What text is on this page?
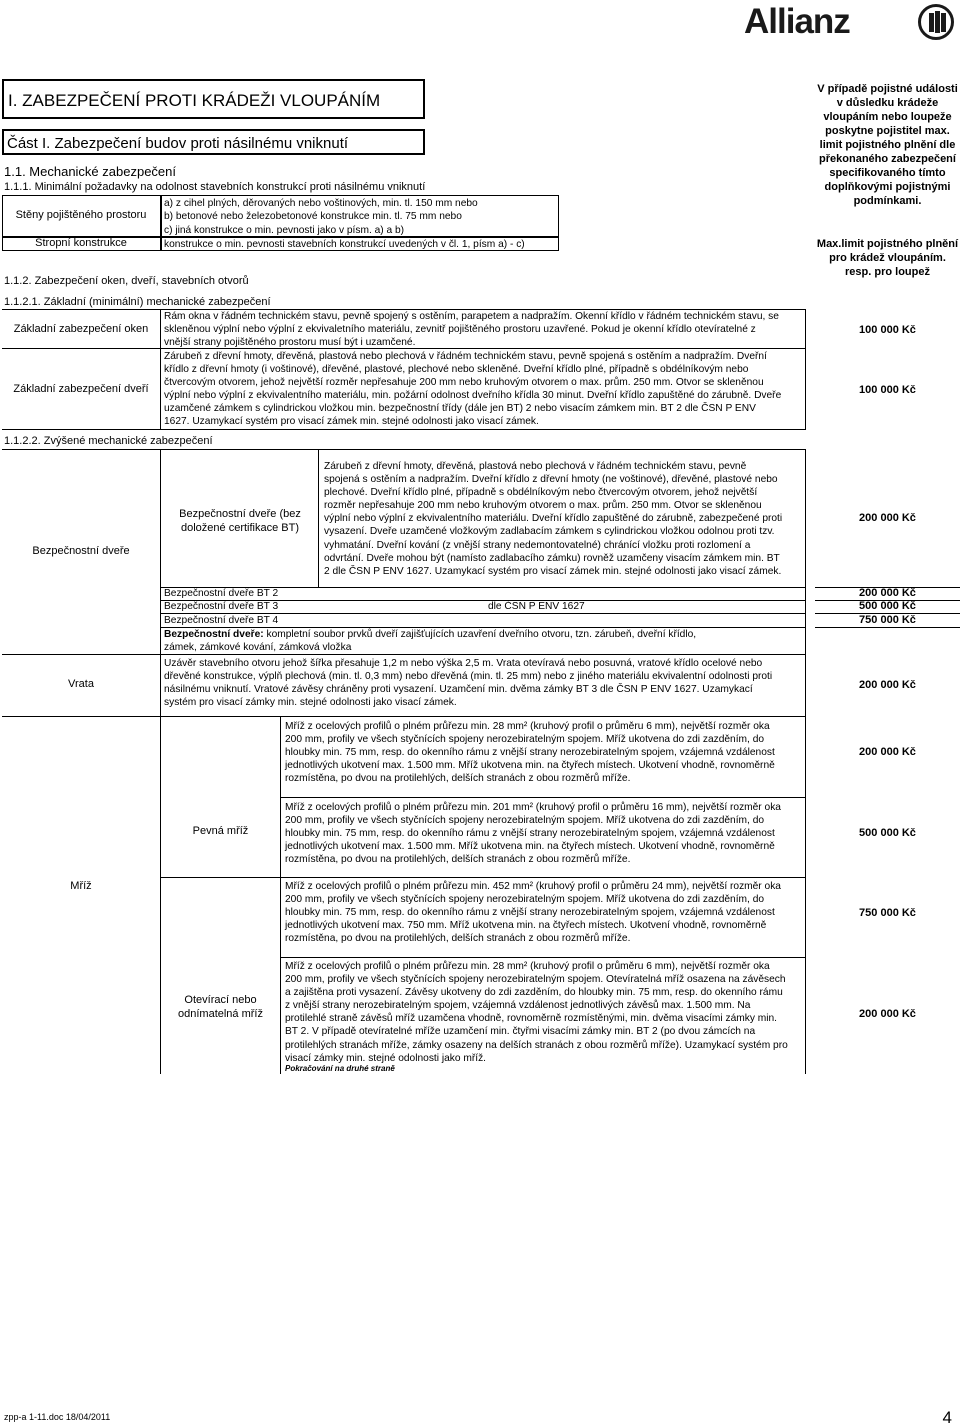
Allianz
I. ZABEZPEČENÍ PROTI KRÁDEŽI VLOUPÁNÍM
Část I. Zabezpečení budov proti násilnému vniknutí
1.1. Mechanické zabezpečení
1.1.1. Minimální požadavky na odolnost stavebních konstrukcí proti násilnému vniknutí
V případě pojistné události v důsledku krádeže vloupáním nebo loupeže poskytne pojistitel max. limit pojistného plnění dle překonaného zabezpečení specifikovaného tímto doplňkovými pojistnými podmínkami.
Max.limit pojistného plnění pro krádež vloupáním. resp. pro loupež
Stěny pojištěného prostoru
a) z cihel plných, děrovaných nebo voštinových, min. tl. 150 mm nebo
b) betonové nebo železobetonové konstrukce min. tl. 75 mm nebo
c) jiná konstrukce o min. pevnosti jako v písm. a) a b)
Stropní konstrukce	konstrukce o min. pevnosti stavebních konstrukcí uvedených v čl. 1, písm a) - c)
1.1.2. Zabezpečení oken, dveří, stavebních otvorů
1.1.2.1. Základní (minimální) mechanické zabezpečení
Základní zabezpečení oken
Rám okna v řádném technickém stavu, pevně spojený s ostěním, parapetem a nadpražím. Okenní křídlo v řádném technickém stavu, se
skleněnou výplní nebo výplní z ekvivaletního materiálu, zevnitř pojištěného prostoru uzavřené. Pokud je okenní křídlo otevíratelné z
vnější strany pojištěného prostoru musí být i uzamčené.
100 000 Kč
Základní zabezpečení dveří
Zárubeň z dřevní hmoty, dřevěná, plastová nebo plechová v řádném technickém stavu, pevně spojená s ostěním a nadpražím. Dveřní
křídlo z dřevní hmoty (i voštinové), dřevěné, plastové, plechové nebo skleněné. Dveřní křídlo plné, případně s obdélníkovým nebo
čtvercovým otvorem, jehož největší rozměr nepřesahuje 200 mm nebo kruhovým otvorem o max. prům. 250 mm. Otvor se skleněnou
výplní nebo výplní z ekvivalentního materiálu, min. požární odolnost dveřního křídla 30 minut. Dveřní křídlo zapuštěné do zárubně. Dveře
uzamčené zámkem s cylindrickou vložkou min. bezpečnostní třídy (dále jen BT) 2 nebo visacím zámkem min. BT 2 dle ČSN P ENV
1627. Uzamykací systém pro visací zámek min. stejné odolnosti jako visací zámek.
100 000 Kč
1.1.2.2. Zvýšené mechanické zabezpečení
Bezpečnostní dveře
Bezpečnostní dveře (bez doložené certifikace BT)
Zárubeň z dřevní hmoty, dřevěná, plastová nebo plechová v řádném technickém stavu, pevně
spojená s ostěním a nadpražím. Dveřní křídlo z dřevní hmoty (ne voštinové), dřevěné, plastové nebo
plechové. Dveřní křídlo plné, případně s obdélníkovým nebo čtvercovým otvorem, jehož největší
rozměr nepřesahuje 200 mm nebo kruhovým otvorem o max. prům. 250 mm. Otvor se skleněnou
výplní nebo výplní z ekvivalentního materiálu. Dveřní křídlo zapuštěné do zárubně, zabezpečené proti
vysazení. Dveře uzamčené vložkovým zadlabacím zámkem s cylindrickou vložkou odolnou proti tzv.
vyhmatání. Dveřní kování (z vnější strany nedemontovatelné) chránící vložku proti rozlomení a
odvrtání. Dveře mohou být (namísto zadlabacího zámku) rovněž uzamčeny visacím zámkem min. BT
2 dle ČSN P ENV 1627. Uzamykací systém pro visací zámek min. stejné odolnosti jako visací zámek.
200 000 Kč
Bezpečnostní dveře BT 2
Bezpečnostní dveře BT 3
Bezpečnostní dveře BT 4
dle ČSN P ENV 1627
200 000 Kč
500 000 Kč
750 000 Kč
Bezpečnostní dveře: kompletní soubor prvků dveří zajišťujících uzavření dveřního otvoru, tzn. zárubeň, dveřní křídlo,
zámek, zámkové kování, zámková vložka
Vrata
Uzávěr stavebního otvoru jehož šířka přesahuje 1,2 m nebo výška 2,5 m. Vrata otevíravá nebo posuvná, vratové křídlo ocelové nebo
dřevěné konstrukce, výplň plechová (min. tl. 0,3 mm) nebo dřevěná (min. tl. 25 mm) nebo z jiného materiálu ekvivalentní odolnosti proti
násilnému vniknutí. Vratové závěsy chráněny proti vysazení. Uzamčení min. dvěma zámky BT 3 dle ČSN P ENV 1627. Uzamykací
systém pro visací zámky min. stejné odolnosti jako visací zámek.
200 000 Kč
Mříž
Pevná mříž
Otevírací nebo odnímatelná mříž
Mříž z ocelových profilů o plném průřezu min. 28 mm² (kruhový profil o průměru 6 mm), největší rozměr oka
200 mm, profily ve všech styčnících spojeny nerozebiratelným spojem. Mříž ukotvena do zdi zazděním, do
hloubky min. 75 mm, resp. do okenního rámu z vnější strany nerozebiratelným spojem, vzájemná vzdálenost
jednotlivých ukotvení max. 1.500 mm. Mříž ukotvena min. na čtyřech místech. Ukotvení vhodně, rovnoměrně
rozmístěna, po dvou na protilehlých, delších stranách z obou rozměrů mříže.
200 000 Kč
Mříž z ocelových profilů o plném průřezu min. 201 mm² (kruhový profil o průměru 16 mm), největší rozměr oka
200 mm, profily ve všech styčnících spojeny nerozebiratelným spojem. Mříž ukotvena do zdi zazděním, do
hloubky min. 75 mm, resp. do okenního rámu z vnější strany nerozebiratelným spojem, vzájemná vzdálenost
jednotlivých ukotvení max. 1.500 mm. Mříž ukotvena min. na čtyřech místech. Ukotvení vhodně, rovnoměrně
rozmístěna, po dvou na protilehlých, delších stranách z obou rozměrů mříže.
500 000 Kč
Mříž z ocelových profilů o plném průřezu min. 452 mm² (kruhový profil o průměru 24 mm), největší rozměr oka
200 mm, profily ve všech styčnících spojeny nerozebiratelným spojem. Mříž ukotvena do zdi zazděním, do
hloubky min. 75 mm, resp. do okenního rámu z vnější strany nerozebiratelným spojem, vzájemná vzdálenost
jednotlivých ukotvení max. 750 mm. Mříž ukotvena min. na čtyřech místech. Ukotvení vhodně, rovnoměrně
rozmístěna, po dvou na protilehlých, delších stranách z obou rozměrů mříže.
750 000 Kč
Mříž z ocelových profilů o plném průřezu min. 28 mm² (kruhový profil o průměru 6 mm), největší rozměr oka
200 mm, profily ve všech styčnících spojeny nerozebiratelným spojem. Otevíratelná mříž osazena na závěsech
a zajištěna proti vysazení. Závěsy ukotveny do zdi zazděním, do hloubky min. 75 mm, resp. do okenního rámu
z vnější strany nerozebiratelným spojem, vzájemná vzdálenost jednotlivých závěsů max. 1.500 mm. Na
protilehlé straně závěsů mříž uzamčena vhodně, rovnoměrně rozmístěnými, min. dvěma visacími zámky min.
BT 2. V případě otevíratelné mříže uzamčení min. čtyřmi visacími zámky min. BT 2 (po dvou zámcích na
protilehlých stranách mříže, zámky osazeny na delších stranách z obou rozměrů mříže). Uzamykací systém pro
visací zámky min. stejné odolnosti jako mříž.
200 000 Kč
Pokračování na druhé straně
zpp-a 1-11.doc 18/04/2011	4
